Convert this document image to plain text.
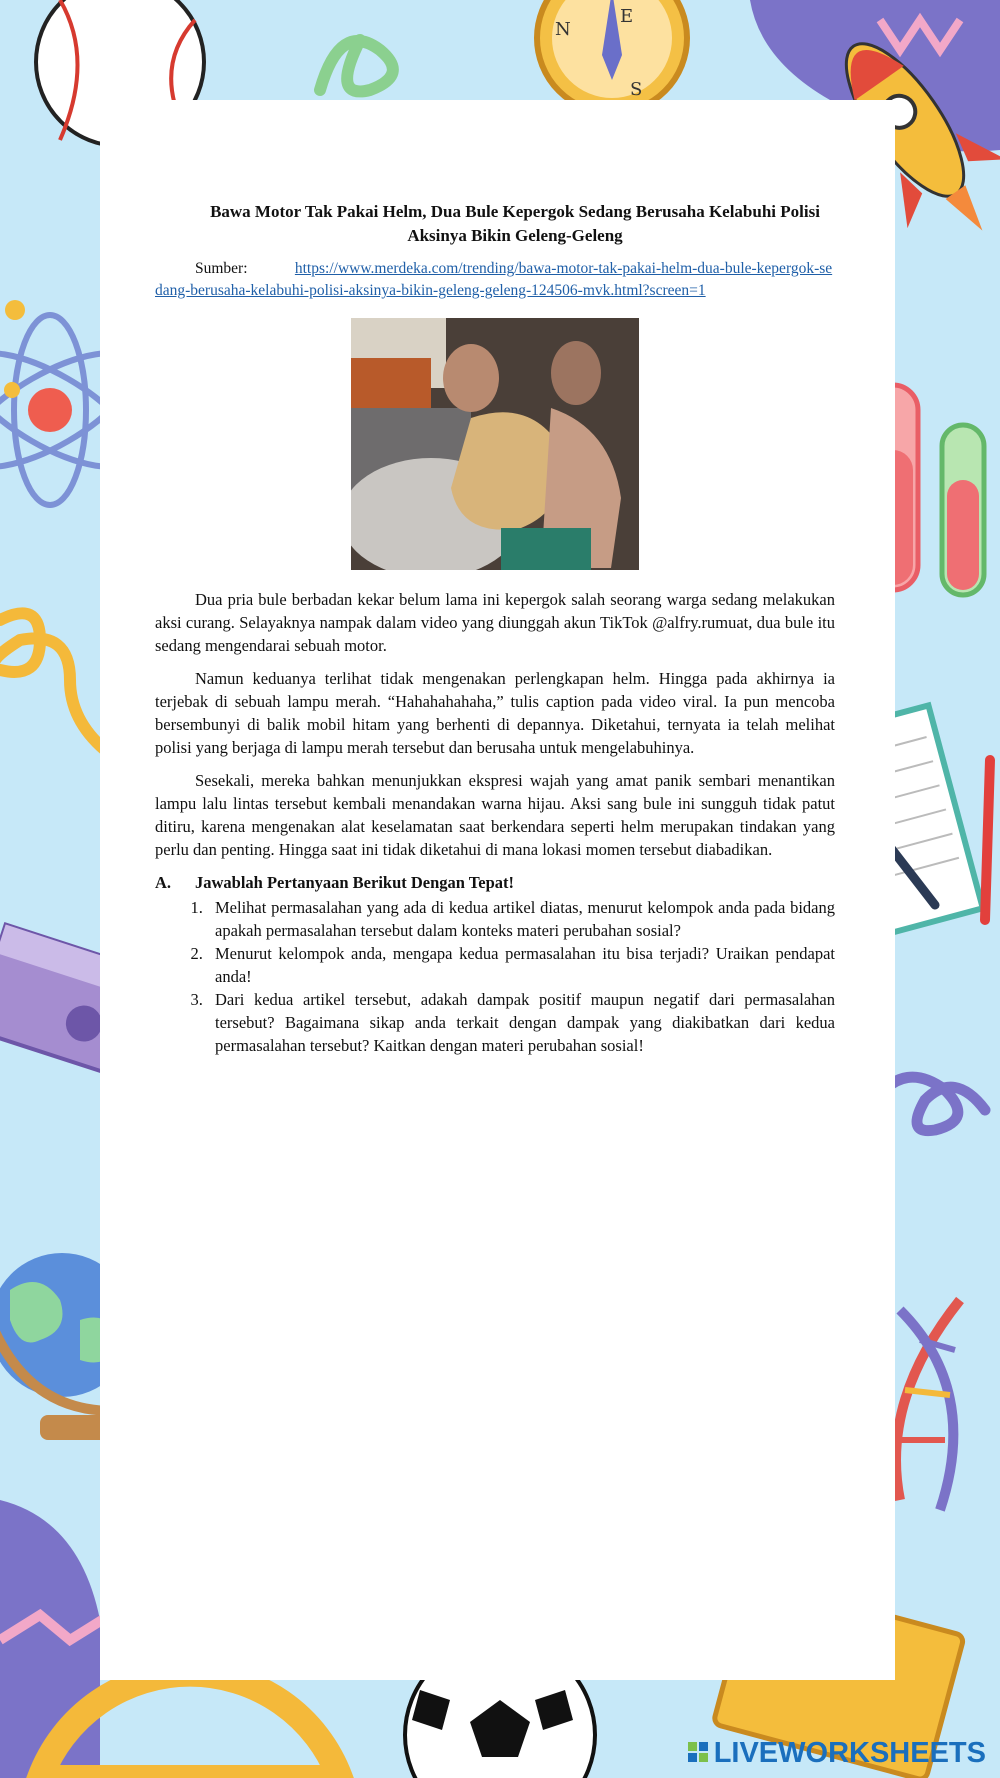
N
E
S
Bawa Motor Tak Pakai Helm, Dua Bule Kepergok Sedang Berusaha Kelabuhi Polisi Aksinya Bikin Geleng-Geleng
Sumber:	https://www.merdeka.com/trending/bawa-motor-tak-pakai-helm-dua-bule-kepergok-sedang-berusaha-kelabuhi-polisi-aksinya-bikin-geleng-geleng-124506-mvk.html?screen=1

Dua pria bule berbadan kekar belum lama ini kepergok salah seorang warga sedang melakukan aksi curang. Selayaknya nampak dalam video yang diunggah akun TikTok @alfry.rumuat, dua bule itu sedang mengendarai sebuah motor.

Namun keduanya terlihat tidak mengenakan perlengkapan helm. Hingga pada akhirnya ia terjebak di sebuah lampu merah. “Hahahahahaha,” tulis caption pada video viral. Ia pun mencoba bersembunyi di balik mobil hitam yang berhenti di depannya. Diketahui, ternyata ia telah melihat polisi yang berjaga di lampu merah tersebut dan berusaha untuk mengelabuhinya.

Sesekali, mereka bahkan menunjukkan ekspresi wajah yang amat panik sembari menantikan lampu lalu lintas tersebut kembali menandakan warna hijau. Aksi sang bule ini sungguh tidak patut ditiru, karena mengenakan alat keselamatan saat berkendara seperti helm merupakan tindakan yang perlu dan penting. Hingga saat ini tidak diketahui di mana lokasi momen tersebut diabadikan.

A. Jawablah Pertanyaan Berikut Dengan Tepat!
1. Melihat permasalahan yang ada di kedua artikel diatas, menurut kelompok anda pada bidang apakah permasalahan tersebut dalam konteks materi perubahan sosial?
2. Menurut kelompok anda, mengapa kedua permasalahan itu bisa terjadi? Uraikan pendapat anda!
3. Dari kedua artikel tersebut, adakah dampak positif maupun negatif dari permasalahan tersebut? Bagaimana sikap anda terkait dengan dampak yang diakibatkan dari kedua permasalahan tersebut? Kaitkan dengan materi perubahan sosial!
LIVEWORKSHEETS
